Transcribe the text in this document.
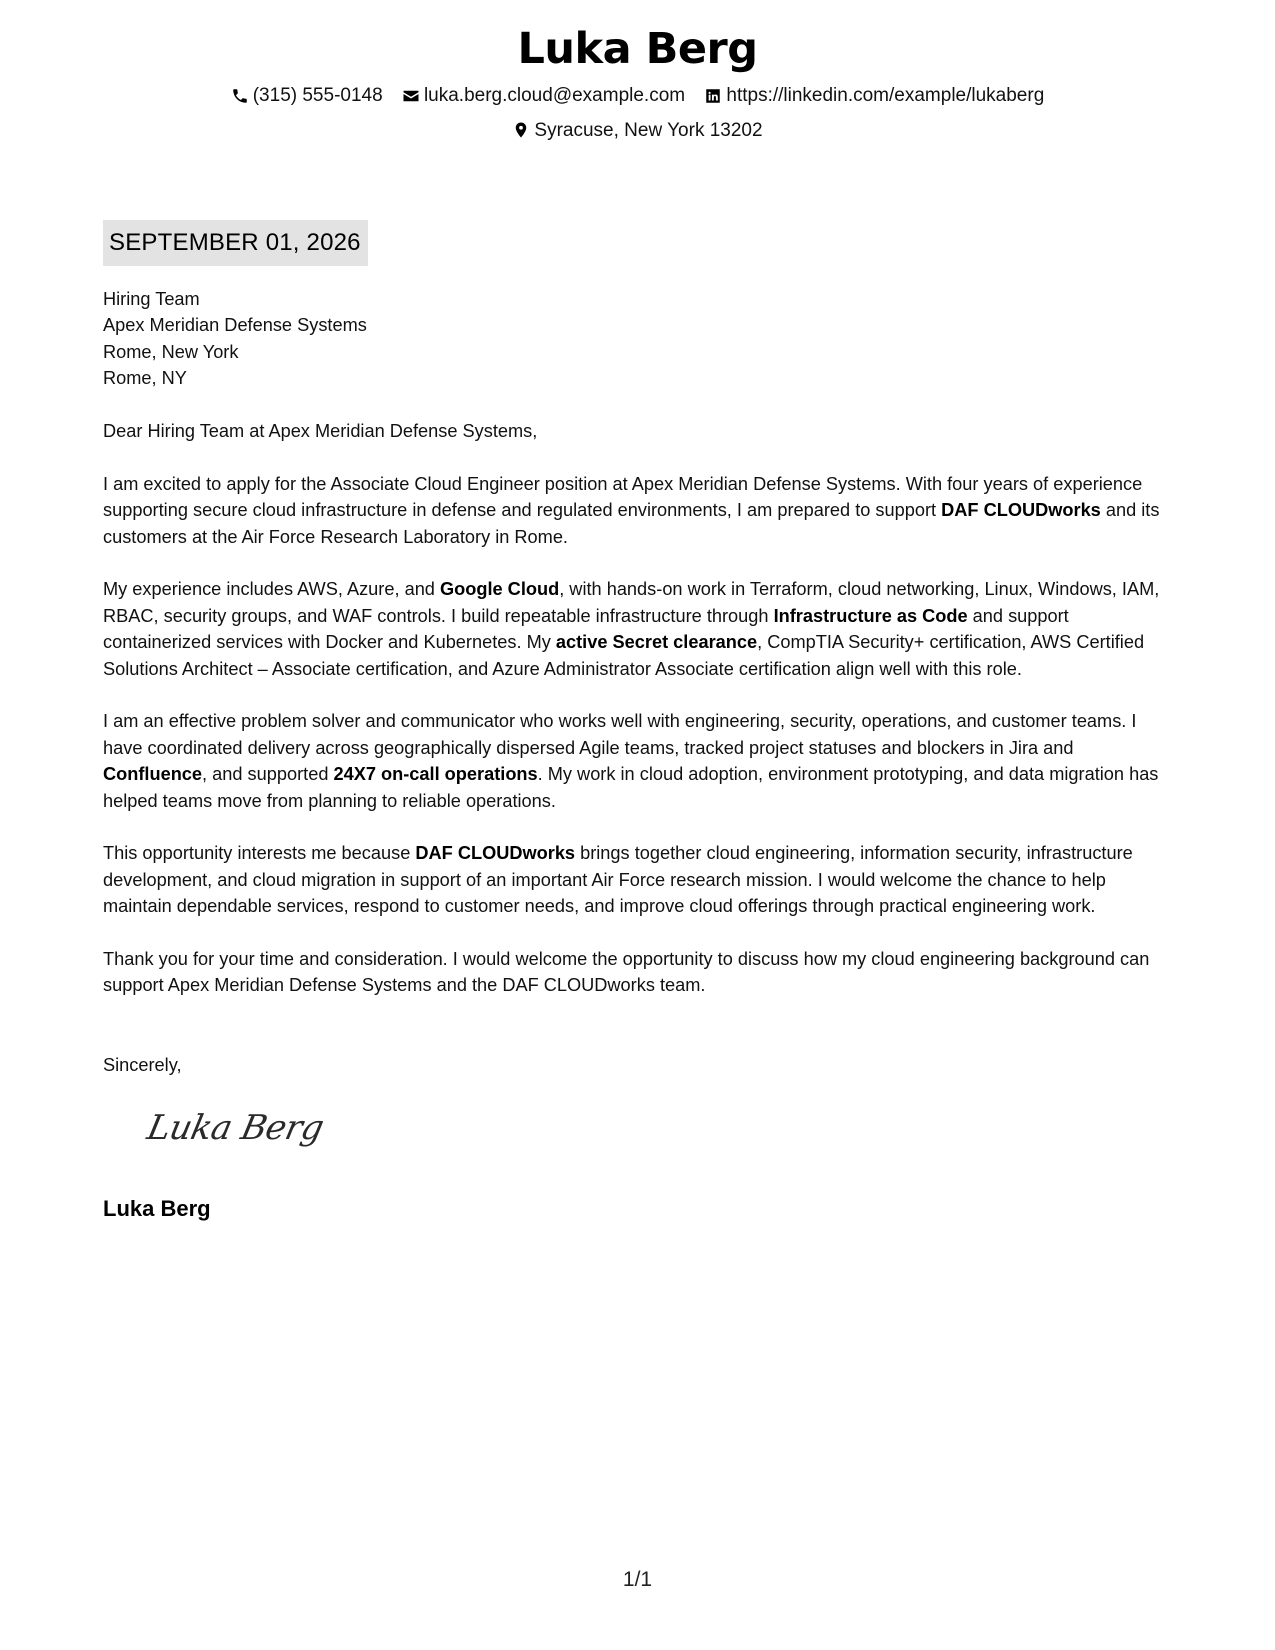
Luka Berg
(315) 555-0148
luka.berg.cloud@example.com
https://linkedin.com/example/lukaberg
Syracuse, New York 13202
SEPTEMBER 01, 2026

Hiring Team
Apex Meridian Defense Systems
Rome, New York
Rome, NY

Dear Hiring Team at Apex Meridian Defense Systems,

I am excited to apply for the Associate Cloud Engineer position at Apex Meridian Defense Systems. With four years of experience supporting secure cloud infrastructure in defense and regulated environments, I am prepared to support DAF CLOUDworks and its customers at the Air Force Research Laboratory in Rome.

My experience includes AWS, Azure, and Google Cloud, with hands-on work in Terraform, cloud networking, Linux, Windows, IAM, RBAC, security groups, and WAF controls. I build repeatable infrastructure through Infrastructure as Code and support containerized services with Docker and Kubernetes. My active Secret clearance, CompTIA Security+ certification, AWS Certified Solutions Architect – Associate certification, and Azure Administrator Associate certification align well with this role.

I am an effective problem solver and communicator who works well with engineering, security, operations, and customer teams. I have coordinated delivery across geographically dispersed Agile teams, tracked project statuses and blockers in Jira and Confluence, and supported 24X7 on-call operations. My work in cloud adoption, environment prototyping, and data migration has helped teams move from planning to reliable operations.

This opportunity interests me because DAF CLOUDworks brings together cloud engineering, information security, infrastructure development, and cloud migration in support of an important Air Force research mission. I would welcome the chance to help maintain dependable services, respond to customer needs, and improve cloud offerings through practical engineering work.

Thank you for your time and consideration. I would welcome the opportunity to discuss how my cloud engineering background can support Apex Meridian Defense Systems and the DAF CLOUDworks team.

Sincerely,
Luka Berg
Luka Berg
1/1
